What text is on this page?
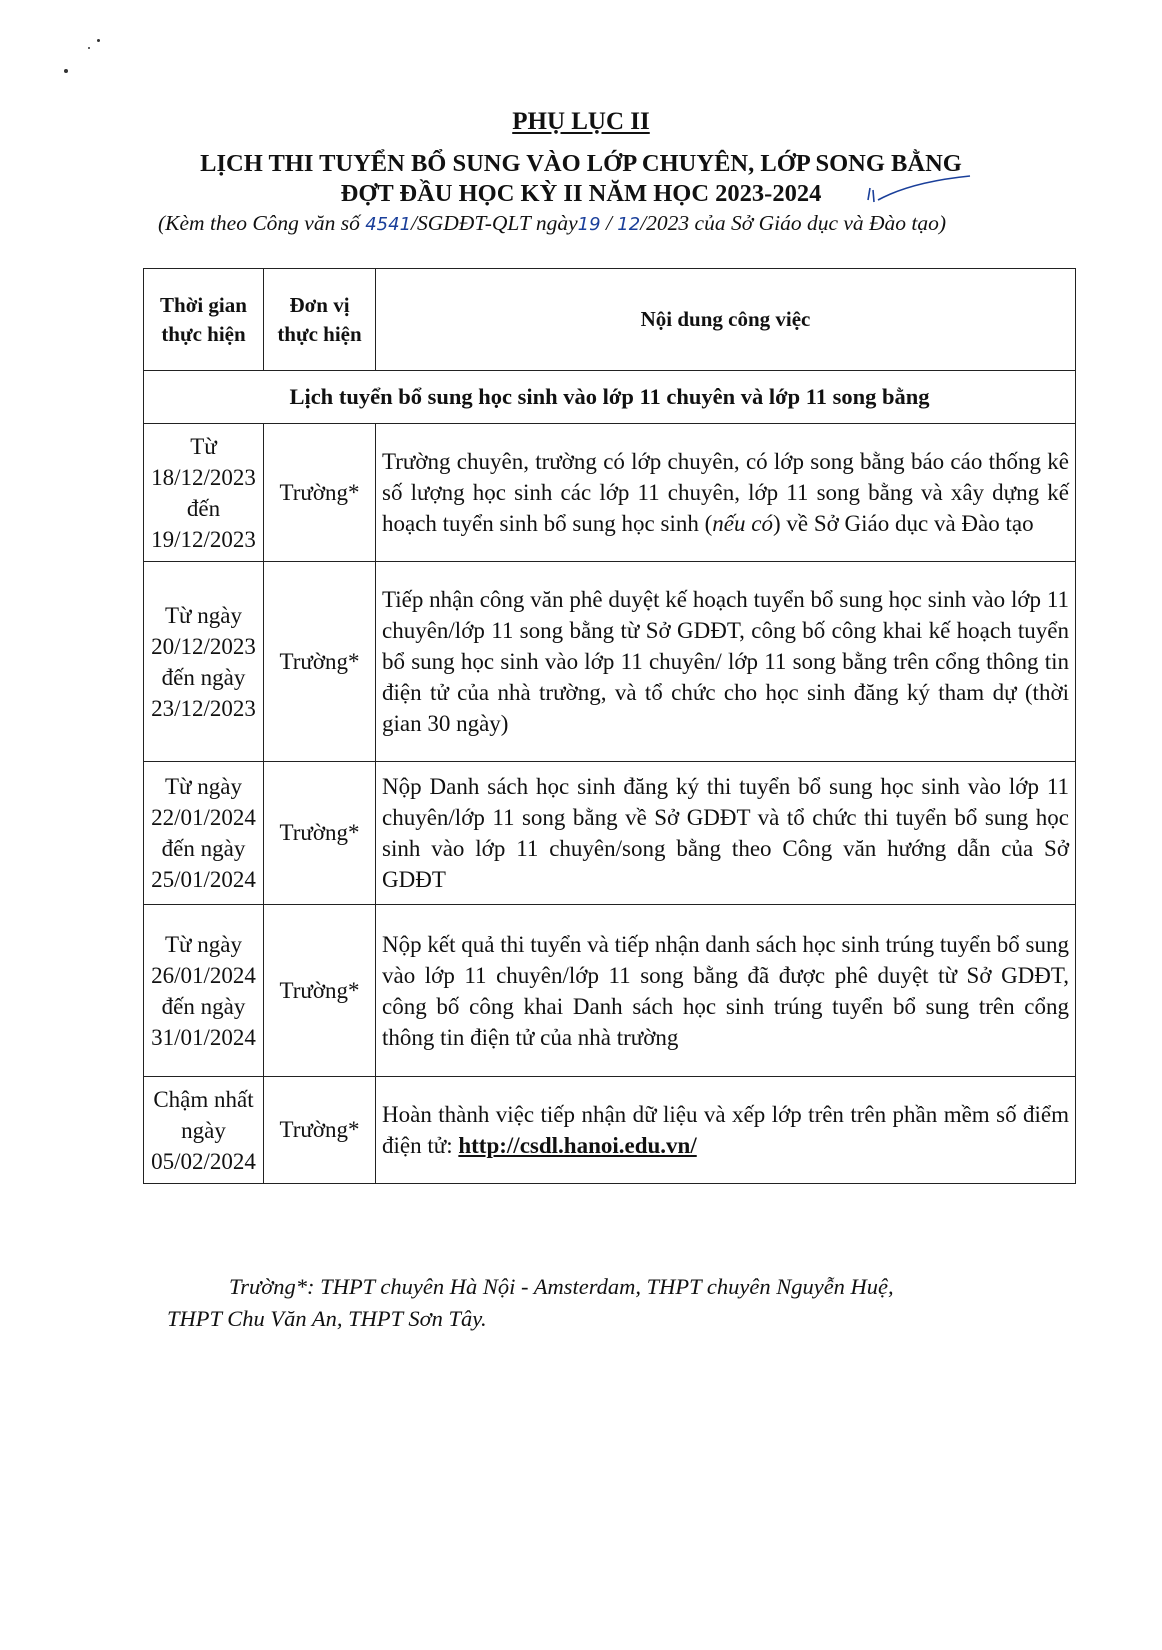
PHỤ LỤC II
LỊCH THI TUYỂN BỔ SUNG VÀO LỚP CHUYÊN, LỚP SONG BẰNG
ĐỢT ĐẦU HỌC KỲ II NĂM HỌC 2023-2024
(Kèm theo Công văn số 4541/SGDĐT-QLT ngày19 / 12/2023 của Sở Giáo dục và Đào tạo)
Thời gian thực hiện	Đơn vị thực hiện	Nội dung công việc
Lịch tuyển bổ sung học sinh vào lớp 11 chuyên và lớp 11 song bằng		
Từ 18/12/2023 đến 19/12/2023	Trường*	Trường chuyên, trường có lớp chuyên, có lớp song bằng báo cáo thống kê số lượng học sinh các lớp 11 chuyên, lớp 11 song bằng và xây dựng kế hoạch tuyển sinh bổ sung học sinh (nếu có) về Sở Giáo dục và Đào tạo
Từ ngày 20/12/2023 đến ngày 23/12/2023	Trường*	Tiếp nhận công văn phê duyệt kế hoạch tuyển bổ sung học sinh vào lớp 11 chuyên/lớp 11 song bằng từ Sở GDĐT, công bố công khai kế hoạch tuyển bổ sung học sinh vào lớp 11 chuyên/ lớp 11 song bằng trên cổng thông tin điện tử của nhà trường, và tổ chức cho học sinh đăng ký tham dự (thời gian 30 ngày)
Từ ngày 22/01/2024 đến ngày 25/01/2024	Trường*	Nộp Danh sách học sinh đăng ký thi tuyển bổ sung học sinh vào lớp 11 chuyên/lớp 11 song bằng về Sở GDĐT và tổ chức thi tuyển bổ sung học sinh vào lớp 11 chuyên/song bằng theo Công văn hướng dẫn của Sở GDĐT
Từ ngày 26/01/2024 đến ngày 31/01/2024	Trường*	Nộp kết quả thi tuyển và tiếp nhận danh sách học sinh trúng tuyển bổ sung vào lớp 11 chuyên/lớp 11 song bằng đã được phê duyệt từ Sở GDĐT, công bố công khai Danh sách học sinh trúng tuyển bổ sung trên cổng thông tin điện tử của nhà trường
Chậm nhất ngày 05/02/2024	Trường*	Hoàn thành việc tiếp nhận dữ liệu và xếp lớp trên trên phần mềm số điểm điện tử: http://csdl.hanoi.edu.vn/
Trường*: THPT chuyên Hà Nội - Amsterdam, THPT chuyên Nguyễn Huệ,
THPT Chu Văn An, THPT Sơn Tây.
